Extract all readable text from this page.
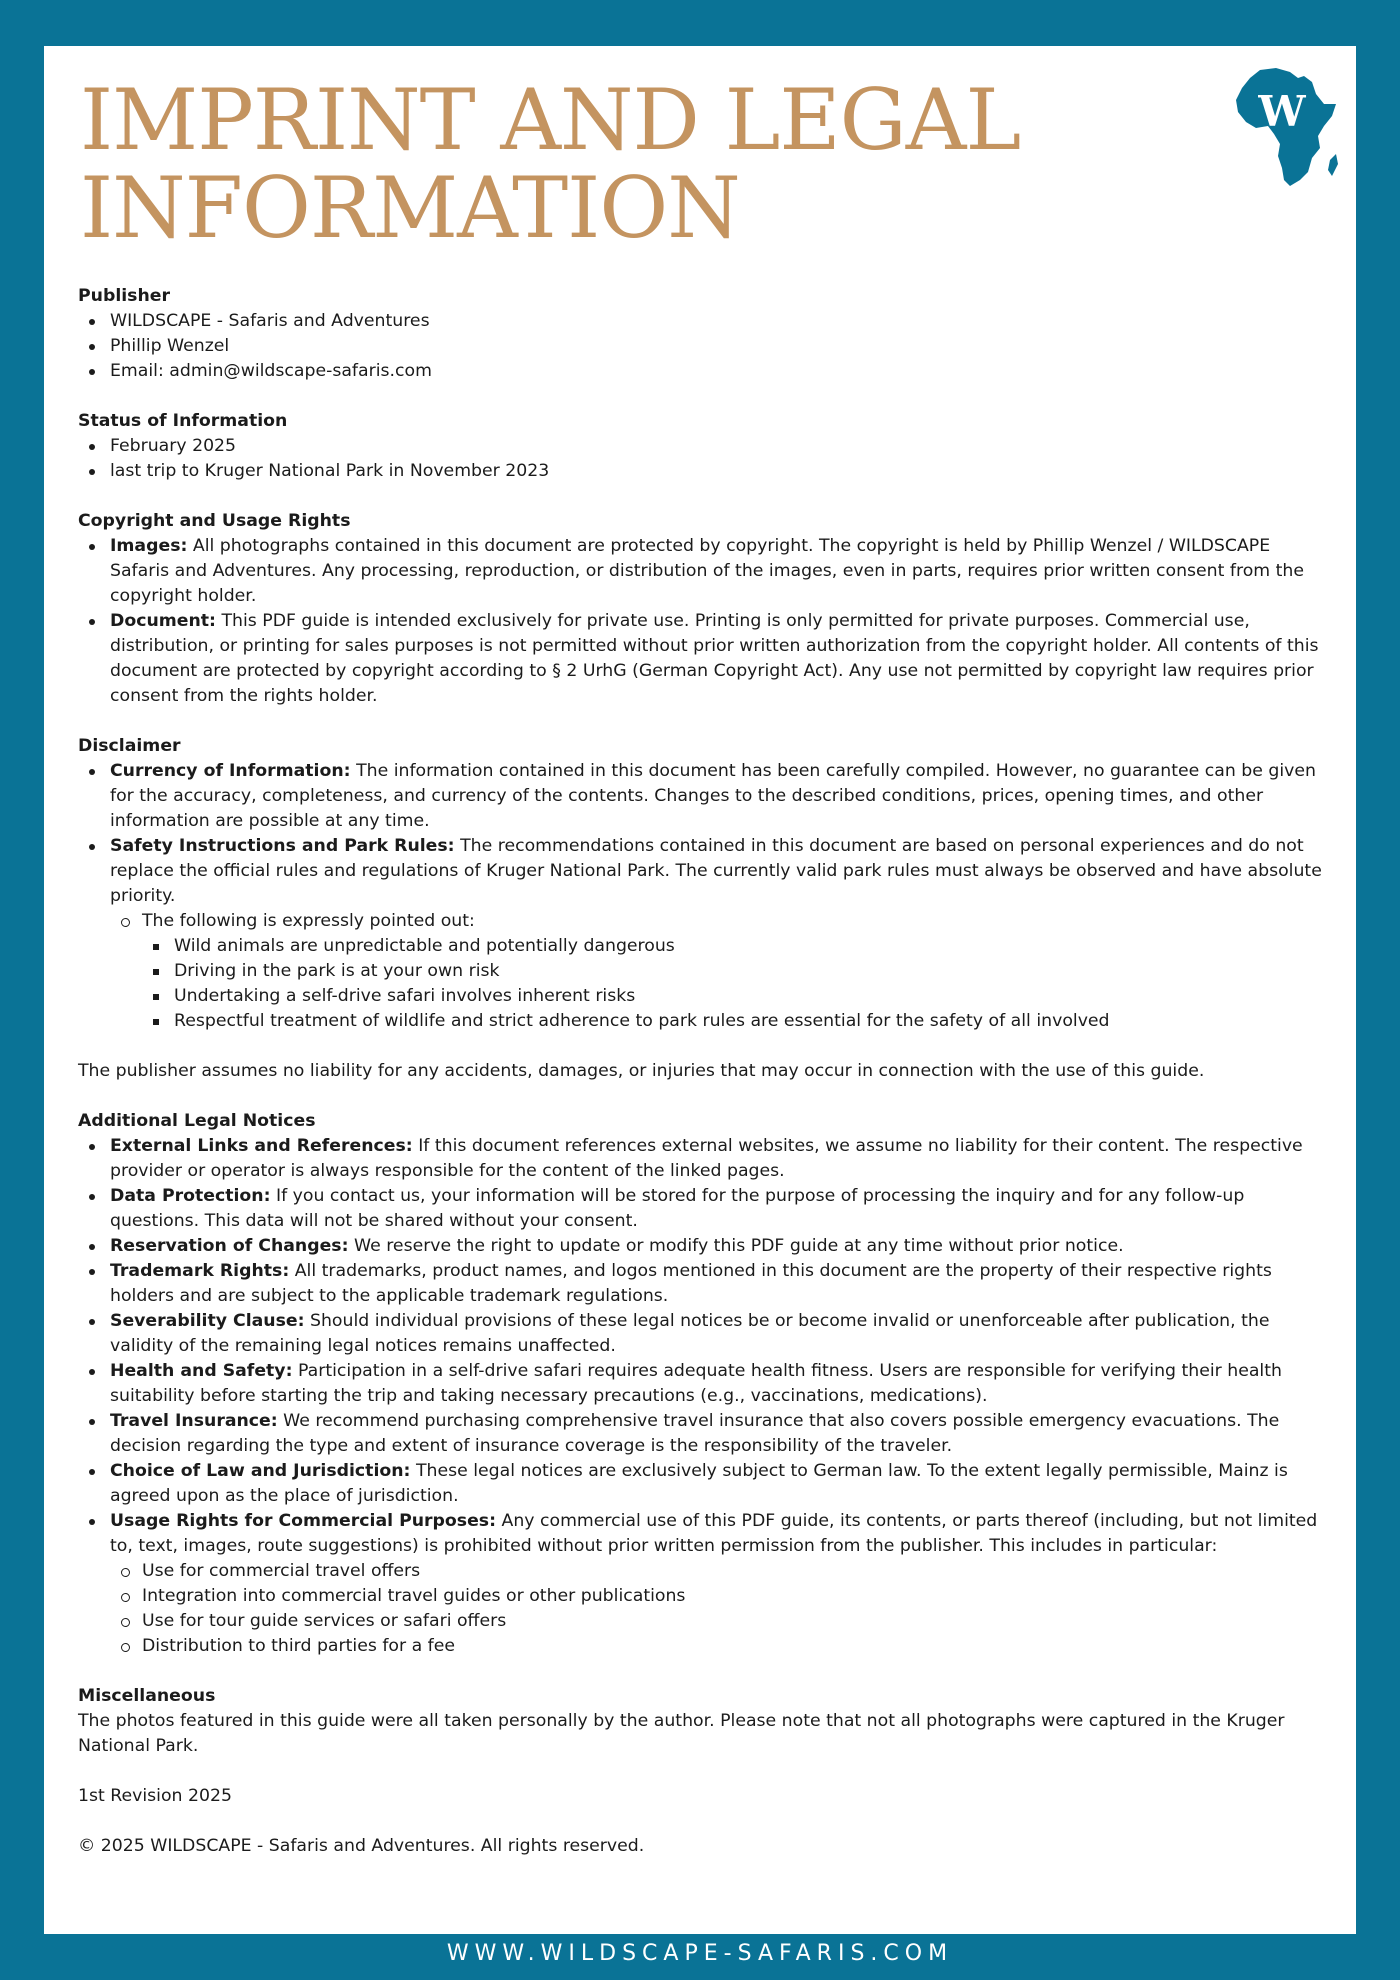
IMPRINT AND LEGAL
INFORMATION
W
Publisher
WILDSCAPE - Safaris and Adventures
Phillip Wenzel
Email: admin@wildscape-safaris.com
Status of Information
February 2025
last trip to Kruger National Park in November 2023
Copyright and Usage Rights
Images: All photographs contained in this document are protected by copyright. The copyright is held by Phillip Wenzel / WILDSCAPE Safaris and Adventures. Any processing, reproduction, or distribution of the images, even in parts, requires prior written consent from the copyright holder.
Document: This PDF guide is intended exclusively for private use. Printing is only permitted for private purposes. Commercial use, distribution, or printing for sales purposes is not permitted without prior written authorization from the copyright holder. All contents of this document are protected by copyright according to § 2 UrhG (German Copyright Act). Any use not permitted by copyright law requires prior consent from the rights holder.
Disclaimer
Currency of Information: The information contained in this document has been carefully compiled. However, no guarantee can be given for the accuracy, completeness, and currency of the contents. Changes to the described conditions, prices, opening times, and other information are possible at any time.
Safety Instructions and Park Rules: The recommendations contained in this document are based on personal experiences and do not replace the official rules and regulations of Kruger National Park. The currently valid park rules must always be observed and have absolute priority.
The following is expressly pointed out:
Wild animals are unpredictable and potentially dangerous
Driving in the park is at your own risk
Undertaking a self-drive safari involves inherent risks
Respectful treatment of wildlife and strict adherence to park rules are essential for the safety of all involved

The publisher assumes no liability for any accidents, damages, or injuries that may occur in connection with the use of this guide.

Additional Legal Notices
External Links and References: If this document references external websites, we assume no liability for their content. The respective provider or operator is always responsible for the content of the linked pages.
Data Protection: If you contact us, your information will be stored for the purpose of processing the inquiry and for any follow-up questions. This data will not be shared without your consent.
Reservation of Changes: We reserve the right to update or modify this PDF guide at any time without prior notice.
Trademark Rights: All trademarks, product names, and logos mentioned in this document are the property of their respective rights holders and are subject to the applicable trademark regulations.
Severability Clause: Should individual provisions of these legal notices be or become invalid or unenforceable after publication, the validity of the remaining legal notices remains unaffected.
Health and Safety: Participation in a self-drive safari requires adequate health fitness. Users are responsible for verifying their health suitability before starting the trip and taking necessary precautions (e.g., vaccinations, medications).
Travel Insurance: We recommend purchasing comprehensive travel insurance that also covers possible emergency evacuations. The decision regarding the type and extent of insurance coverage is the responsibility of the traveler.
Choice of Law and Jurisdiction: These legal notices are exclusively subject to German law. To the extent legally permissible, Mainz is agreed upon as the place of jurisdiction.
Usage Rights for Commercial Purposes: Any commercial use of this PDF guide, its contents, or parts thereof (including, but not limited to, text, images, route suggestions) is prohibited without prior written permission from the publisher. This includes in particular:
Use for commercial travel offers
Integration into commercial travel guides or other publications
Use for tour guide services or safari offers
Distribution to third parties for a fee
Miscellaneous

The photos featured in this guide were all taken personally by the author. Please note that not all photographs were captured in the Kruger National Park.

1st Revision 2025

© 2025 WILDSCAPE - Safaris and Adventures. All rights reserved.

WWW.WILDSCAPE-SAFARIS.COM
